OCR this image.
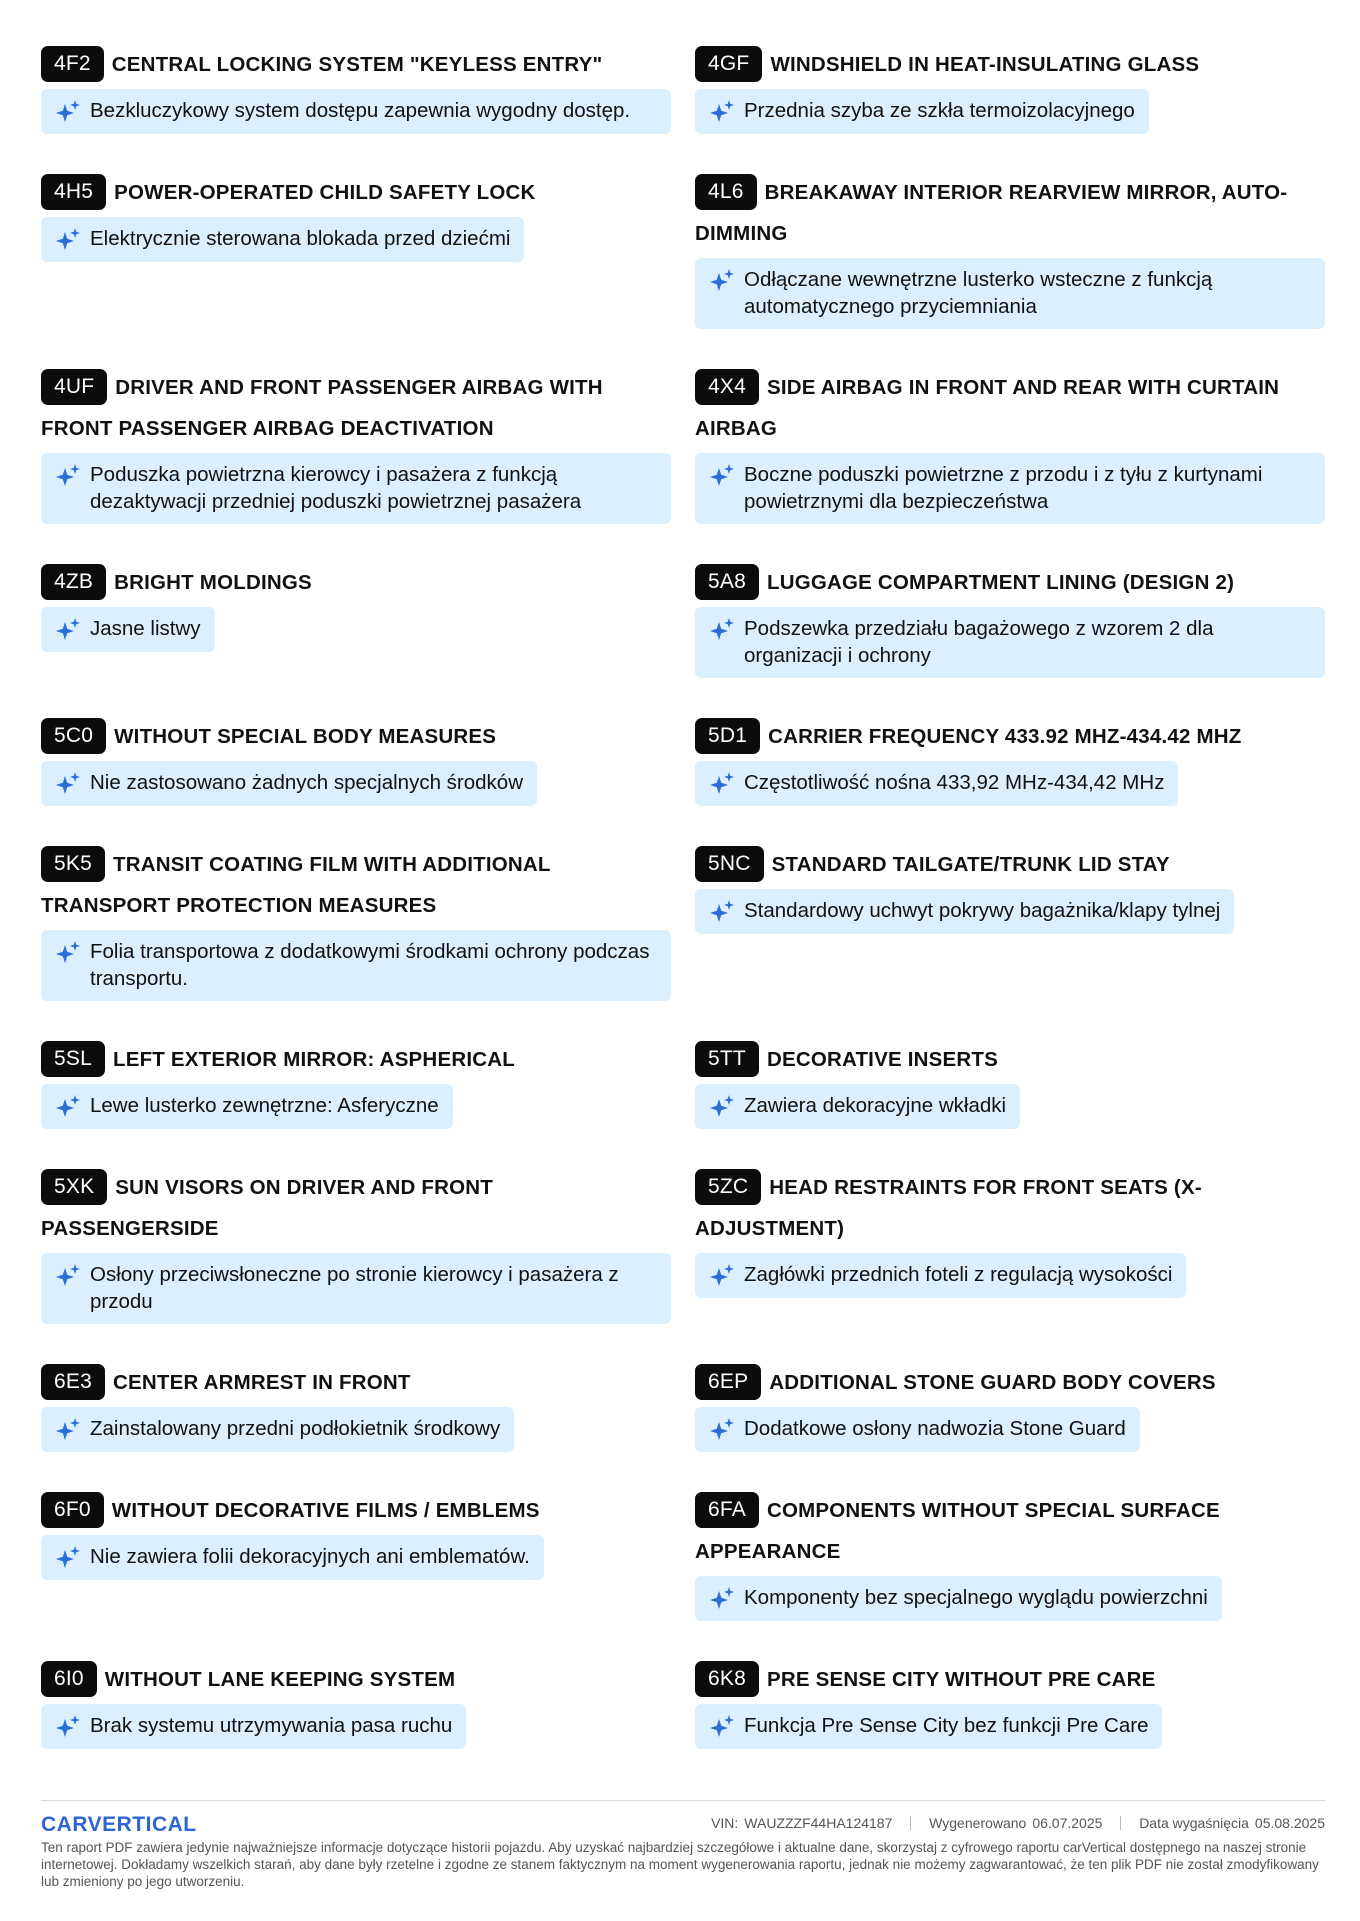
4F2 CENTRAL LOCKING SYSTEM "KEYLESS ENTRY"
Bezkluczykowy system dostępu zapewnia wygodny dostęp.
4GF WINDSHIELD IN HEAT-INSULATING GLASS
Przednia szyba ze szkła termoizolacyjnego
4H5 POWER-OPERATED CHILD SAFETY LOCK
Elektrycznie sterowana blokada przed dziećmi
4L6 BREAKAWAY INTERIOR REARVIEW MIRROR, AUTO-DIMMING
Odłączane wewnętrzne lusterko wsteczne z funkcją automatycznego przyciemniania
4UF DRIVER AND FRONT PASSENGER AIRBAG WITH FRONT PASSENGER AIRBAG DEACTIVATION
Poduszka powietrzna kierowcy i pasażera z funkcją dezaktywacji przedniej poduszki powietrznej pasażera
4X4 SIDE AIRBAG IN FRONT AND REAR WITH CURTAIN AIRBAG
Boczne poduszki powietrzne z przodu i z tyłu z kurtynami powietrznymi dla bezpieczeństwa
4ZB BRIGHT MOLDINGS
Jasne listwy
5A8 LUGGAGE COMPARTMENT LINING (DESIGN 2)
Podszewka przedziału bagażowego z wzorem 2 dla organizacji i ochrony
5C0 WITHOUT SPECIAL BODY MEASURES
Nie zastosowano żadnych specjalnych środków
5D1 CARRIER FREQUENCY 433.92 MHZ-434.42 MHZ
Częstotliwość nośna 433,92 MHz-434,42 MHz
5K5 TRANSIT COATING FILM WITH ADDITIONAL TRANSPORT PROTECTION MEASURES
Folia transportowa z dodatkowymi środkami ochrony podczas transportu.
5NC STANDARD TAILGATE/TRUNK LID STAY
Standardowy uchwyt pokrywy bagażnika/klapy tylnej
5SL LEFT EXTERIOR MIRROR: ASPHERICAL
Lewe lusterko zewnętrzne: Asferyczne
5TT DECORATIVE INSERTS
Zawiera dekoracyjne wkładki
5XK SUN VISORS ON DRIVER AND FRONT PASSENGERSIDE
Osłony przeciwsłoneczne po stronie kierowcy i pasażera z przodu
5ZC HEAD RESTRAINTS FOR FRONT SEATS (X-ADJUSTMENT)
Zagłówki przednich foteli z regulacją wysokości
6E3 CENTER ARMREST IN FRONT
Zainstalowany przedni podłokietnik środkowy
6EP ADDITIONAL STONE GUARD BODY COVERS
Dodatkowe osłony nadwozia Stone Guard
6F0 WITHOUT DECORATIVE FILMS / EMBLEMS
Nie zawiera folii dekoracyjnych ani emblematów.
6FA COMPONENTS WITHOUT SPECIAL SURFACE APPEARANCE
Komponenty bez specjalnego wyglądu powierzchni
6I0 WITHOUT LANE KEEPING SYSTEM
Brak systemu utrzymywania pasa ruchu
6K8 PRE SENSE CITY WITHOUT PRE CARE
Funkcja Pre Sense City bez funkcji Pre Care
CARVERTICAL	VIN: WAUZZZF44HA124187	Wygenerowano 06.07.2025	Data wygaśnięcia 05.08.2025
Ten raport PDF zawiera jedynie najważniejsze informacje dotyczące historii pojazdu. Aby uzyskać najbardziej szczegółowe i aktualne dane, skorzystaj z cyfrowego raportu carVertical dostępnego na naszej stronie internetowej. Dokładamy wszelkich starań, aby dane były rzetelne i zgodne ze stanem faktycznym na moment wygenerowania raportu, jednak nie możemy zagwarantować, że ten plik PDF nie został zmodyfikowany lub zmieniony po jego utworzeniu.
